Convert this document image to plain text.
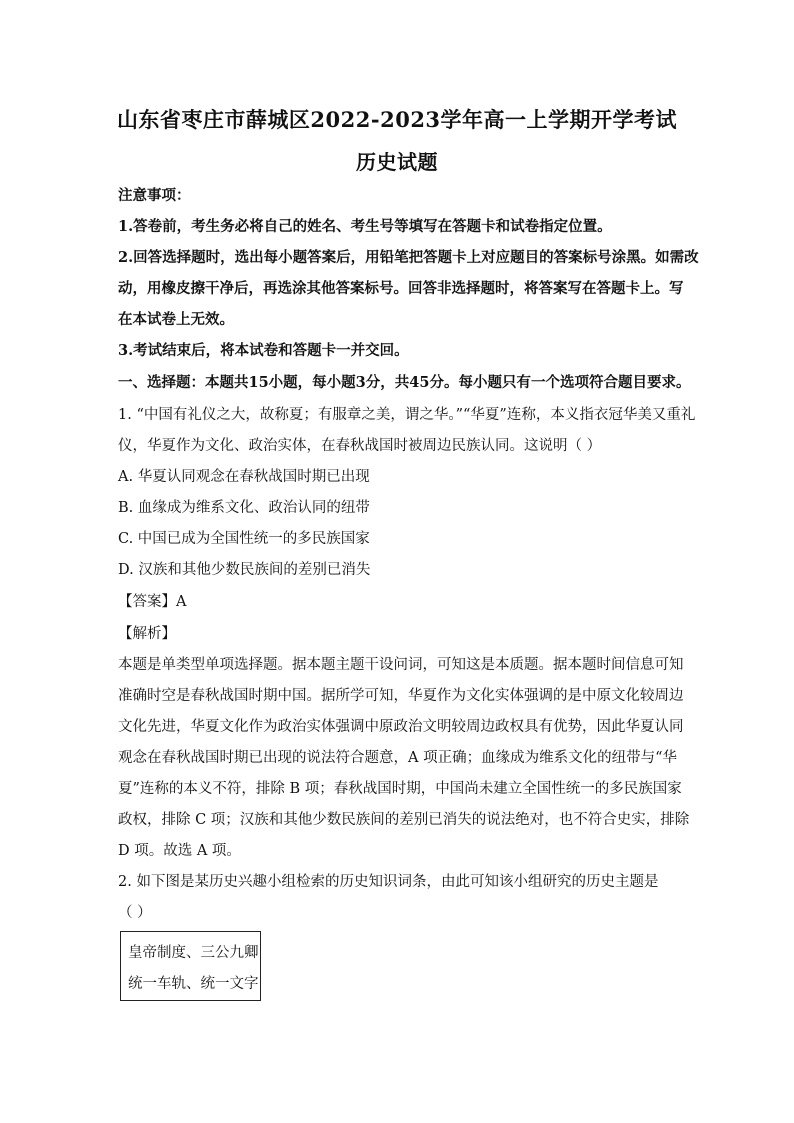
山东省枣庄市薛城区2022-2023学年高一上学期开学考试
历史试题
注意事项：
1.答卷前，考生务必将自己的姓名、考生号等填写在答题卡和试卷指定位置。
2.回答选择题时，选出每小题答案后，用铅笔把答题卡上对应题目的答案标号涂黑。如需改
动，用橡皮擦干净后，再选涂其他答案标号。回答非选择题时，将答案写在答题卡上。写
在本试卷上无效。
3.考试结束后，将本试卷和答题卡一并交回。
一、选择题：本题共15小题，每小题3分，共45分。每小题只有一个选项符合题目要求。
1. “中国有礼仪之大，故称夏；有服章之美，谓之华。”“华夏”连称，本义指衣冠华美又重礼
仪，华夏作为文化、政治实体，在春秋战国时被周边民族认同。这说明（ ）
A. 华夏认同观念在春秋战国时期已出现
B. 血缘成为维系文化、政治认同的纽带
C. 中国已成为全国性统一的多民族国家
D. 汉族和其他少数民族间的差别已消失
【答案】A
【解析】
本题是单类型单项选择题。据本题主题干设问词，可知这是本质题。据本题时间信息可知
准确时空是春秋战国时期中国。据所学可知，华夏作为文化实体强调的是中原文化较周边
文化先进，华夏文化作为政治实体强调中原政治文明较周边政权具有优势，因此华夏认同
观念在春秋战国时期已出现的说法符合题意，A 项正确；血缘成为维系文化的纽带与“华
夏”连称的本义不符，排除 B 项；春秋战国时期，中国尚未建立全国性统一的多民族国家
政权，排除 C 项；汉族和其他少数民族间的差别已消失的说法绝对，也不符合史实，排除
D 项。故选 A 项。
2. 如下图是某历史兴趣小组检索的历史知识词条，由此可知该小组研究的历史主题是
（ ）
皇帝制度、三公九卿
统一车轨、统一文字
